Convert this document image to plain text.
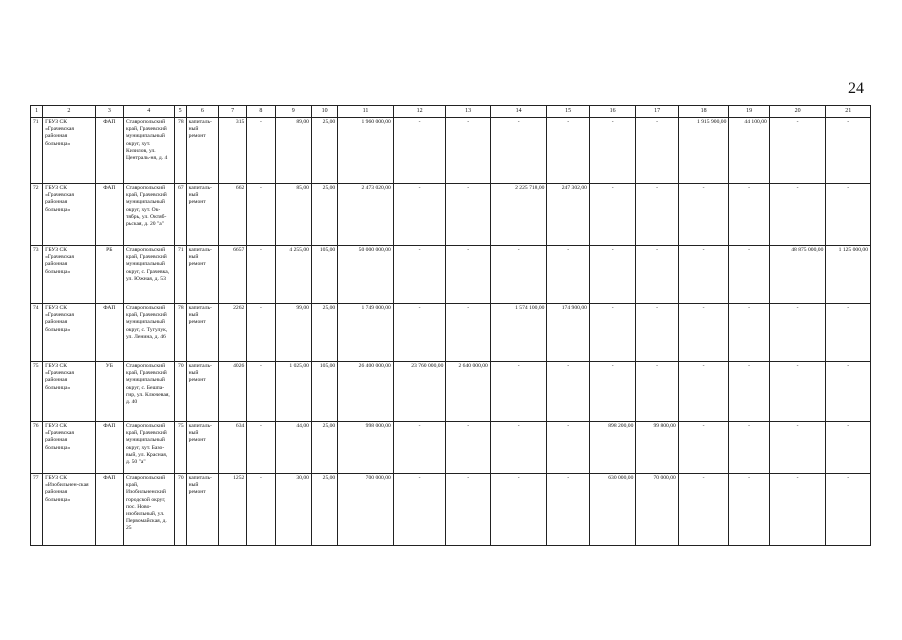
24
1	2	3	4	5	6	7	8	9	10	11	12	13	14	15	16	17	18	19	20	21
71	ГБУЗ СК «Грачевская районная больница»	ФАП	Ставропольский край, Грачевский муниципальный округ, хут. Кизилов, ул. Централь-ня, д. 4	78	капиталь-ный ремонт	315	-	89,00	25,00	1 960 000,00	-	-	-	-	-	-	1 915 900,00	44 100,00	-	-
72	ГБУЗ СК «Грачевская районная больница»	ФАП	Ставропольский край, Грачевский муниципальный округ, хут. Ок-тябрь, ул. Октяб-рьская, д. 20 "а"	67	капиталь-ный ремонт	662	-	85,00	25,00	2 473 020,00	-	-	2 225 718,00	247 302,00	-	-	-	-	-	-
73	ГБУЗ СК «Грачевская районная больница»	РБ	Ставропольский край, Грачевский муниципальный округ, с. Грачевка, ул. Южная, д. 53	71	капиталь-ный ремонт	6657	-	4 255,00	105,00	50 000 000,00	-	-	-	-	-	-	-	-	48 875 000,00	1 125 000,00
74	ГБУЗ СК «Грачевская районная больница»	ФАП	Ставропольский край, Грачевский муниципальный округ, с. Тугулук, ул. Ленина, д. 46	78	капиталь-ный ремонт	2262	-	99,00	25,00	1 749 000,00	-	-	1 574 100,00	174 900,00	-	-	-	-	-	-
75	ГБУЗ СК «Грачевская районная больница»	УБ	Ставропольский край, Грачевский муниципальный округ, с. Бешпа-гир, ул. Ключевая, д. 40	70	капиталь-ный ремонт	4026	-	1 025,00	105,00	26 400 000,00	23 760 000,00	2 640 000,00	-	-	-	-	-	-	-	-
76	ГБУЗ СК «Грачевская районная больница»	ФАП	Ставропольский край, Грачевский муниципальный округ, хут. Базо-вый, ул. Красная, д. 50 "а"	75	капиталь-ный ремонт	634	-	44,00	25,00	998 000,00	-	-	-	-	898 200,00	99 800,00	-	-	-	-
77	ГБУЗ СК «Изобильнен-ская районная больница»	ФАП	Ставропольский край, Изобильненский городской округ, пос. Ново-изобильный, ул. Первомайская, д. 25	70	капиталь-ный ремонт	1252	-	30,00	25,00	700 000,00	-	-	-	-	630 000,00	70 000,00	-	-	-	-
